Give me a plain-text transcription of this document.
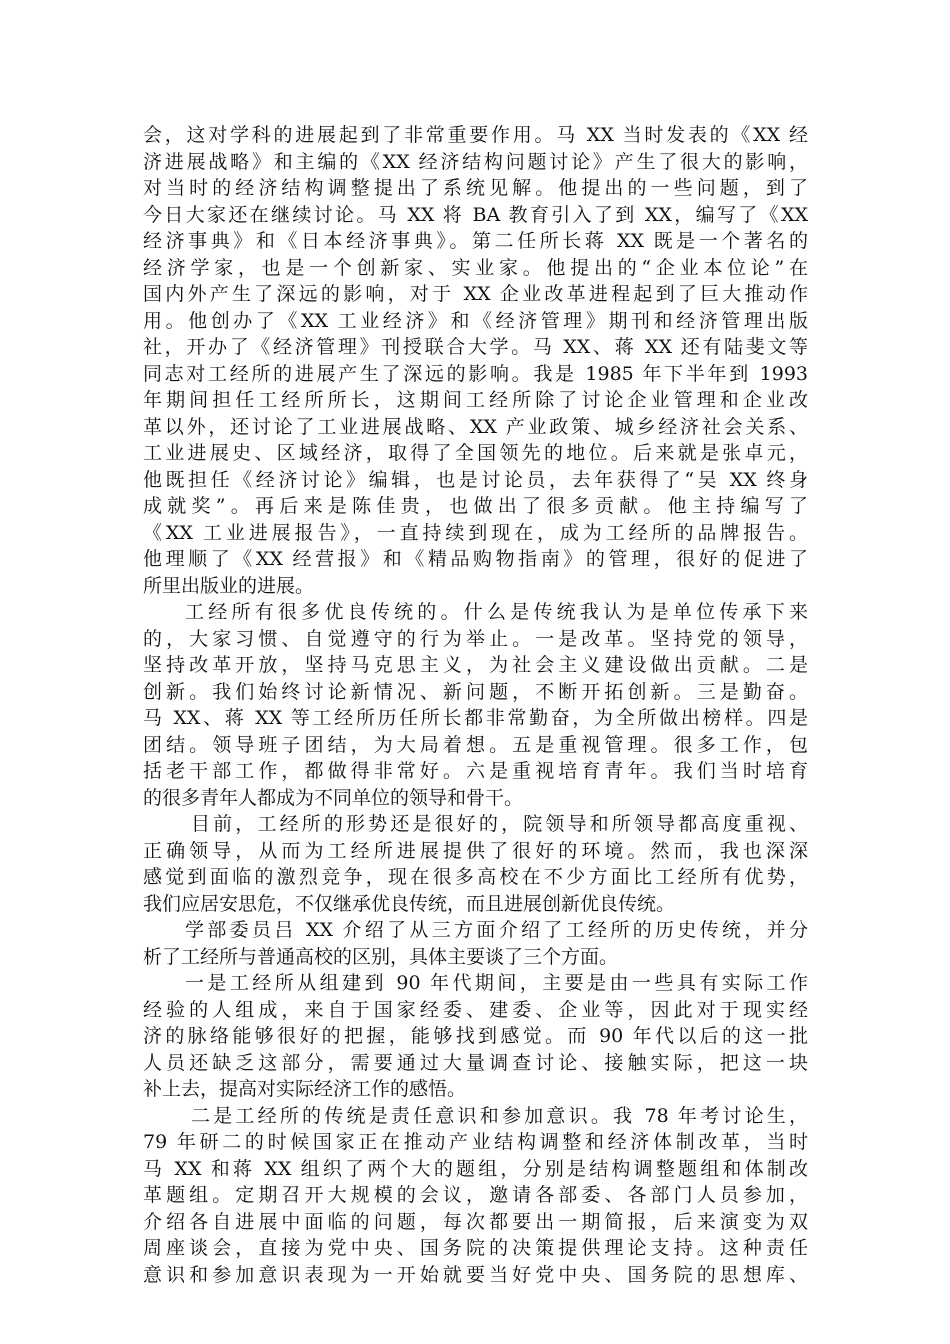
会，这对学科的进展起到了非常重要作用。马 XX 当时发表的《XX 经
济进展战略》和主编的《XX 经济结构问题讨论》产生了很大的影响，
对当时的经济结构调整提出了系统见解。他提出的一些问题，到了
今日大家还在继续讨论。马 XX 将 BA 教育引入了到 XX，编写了《XX
经济事典》和《日本经济事典》。第二任所长蒋 XX 既是一个著名的
经济学家，也是一个创新家、实业家。他提出的“企业本位论”在
国内外产生了深远的影响，对于 XX 企业改革进程起到了巨大推动作
用。他创办了《XX 工业经济》和《经济管理》期刊和经济管理出版
社，开办了《经济管理》刊授联合大学。马 XX、蒋 XX 还有陆斐文等
同志对工经所的进展产生了深远的影响。我是 1985 年下半年到 1993
年期间担任工经所所长，这期间工经所除了讨论企业管理和企业改
革以外，还讨论了工业进展战略、XX 产业政策、城乡经济社会关系、
工业进展史、区域经济，取得了全国领先的地位。后来就是张卓元，
他既担任《经济讨论》编辑，也是讨论员，去年获得了“吴 XX 终身
成就奖”。再后来是陈佳贵，也做出了很多贡献。他主持编写了
《XX 工业进展报告》，一直持续到现在，成为工经所的品牌报告。
他理顺了《XX 经营报》和《精品购物指南》的管理，很好的促进了
所里出版业的进展。
工经所有很多优良传统的。什么是传统我认为是单位传承下来
的，大家习惯、自觉遵守的行为举止。一是改革。坚持党的领导，
坚持改革开放，坚持马克思主义，为社会主义建设做出贡献。二是
创新。我们始终讨论新情况、新问题，不断开拓创新。三是勤奋。
马 XX、蒋 XX 等工经所历任所长都非常勤奋，为全所做出榜样。四是
团结。领导班子团结，为大局着想。五是重视管理。很多工作，包
括老干部工作，都做得非常好。六是重视培育青年。我们当时培育
的很多青年人都成为不同单位的领导和骨干。
目前，工经所的形势还是很好的，院领导和所领导都高度重视、
正确领导，从而为工经所进展提供了很好的环境。然而，我也深深
感觉到面临的激烈竞争，现在很多高校在不少方面比工经所有优势，
我们应居安思危，不仅继承优良传统，而且进展创新优良传统。
学部委员吕 XX 介绍了从三方面介绍了工经所的历史传统，并分
析了工经所与普通高校的区别，具体主要谈了三个方面。
一是工经所从组建到 90 年代期间，主要是由一些具有实际工作
经验的人组成，来自于国家经委、建委、企业等，因此对于现实经
济的脉络能够很好的把握，能够找到感觉。而 90 年代以后的这一批
人员还缺乏这部分，需要通过大量调查讨论、接触实际，把这一块
补上去，提高对实际经济工作的感悟。
二是工经所的传统是责任意识和参加意识。我 78 年考讨论生，
79 年研二的时候国家正在推动产业结构调整和经济体制改革，当时
马 XX 和蒋 XX 组织了两个大的题组，分别是结构调整题组和体制改
革题组。定期召开大规模的会议，邀请各部委、各部门人员参加，
介绍各自进展中面临的问题，每次都要出一期简报，后来演变为双
周座谈会，直接为党中央、国务院的决策提供理论支持。这种责任
意识和参加意识表现为一开始就要当好党中央、国务院的思想库、
